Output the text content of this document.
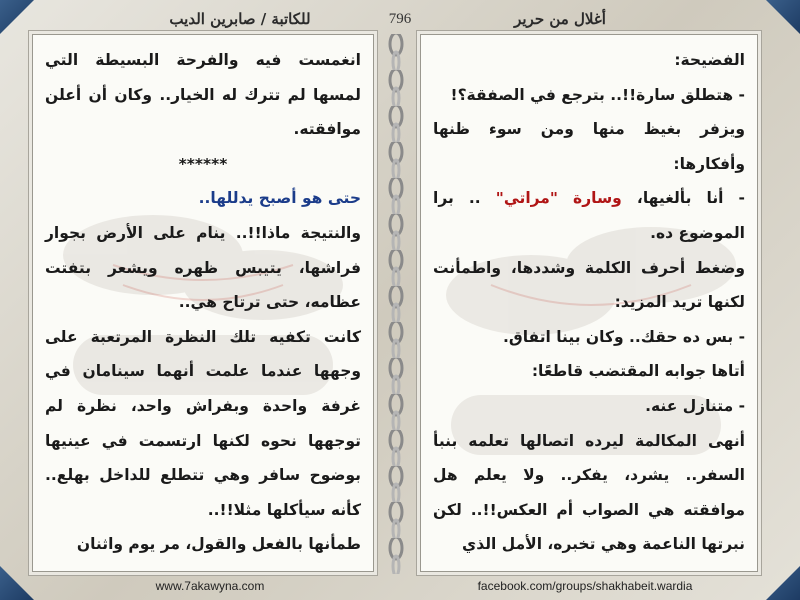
للكاتبة / صابرين الديب	796	أغلال من حرير

انغمست فيه والفرحة البسيطة التي لمسها لم تترك له الخيار.. وكان أن أعلن موافقته.

******

حتى هو أصبح يدللها..

والنتيجة ماذا!!.. ينام على الأرض بجوار فراشها، يتيبس ظهره ويشعر بتفتت عظامه، حتى ترتاح هي..

كانت تكفيه تلك النظرة المرتعبة على وجهها عندما علمت أنهما سينامان في غرفة واحدة وبفراش واحد، نظرة لم توجهها نحوه لكنها ارتسمت في عينيها بوضوح سافر وهي تتطلع للداخل بهلع.. كأنه سيأكلها مثلا!!..

طمأنها بالفعل والقول، مر يوم واثنان

الفضيحة:

- هتطلق سارة!!.. بترجع في الصفقة؟!

ويزفر بغيظ منها ومن سوء ظنها وأفكارها:

- أنا بألغيها، وسارة "مراتي" .. برا الموضوع ده.

وضغط أحرف الكلمة وشددها، واطمأنت لكنها تريد المزيد:

- بس ده حقك.. وكان بينا اتفاق.

أتاها جوابه المقتضب قاطعًا:

- متنازل عنه.

أنهى المكالمة ليرده اتصالها تعلمه بنبأ السفر.. يشرد، يفكر.. ولا يعلم هل موافقته هي الصواب أم العكس!!.. لكن نبرتها الناعمة وهي تخبره، الأمل الذي

www.7akawyna.com	facebook.com/groups/shakhabeit.wardia
